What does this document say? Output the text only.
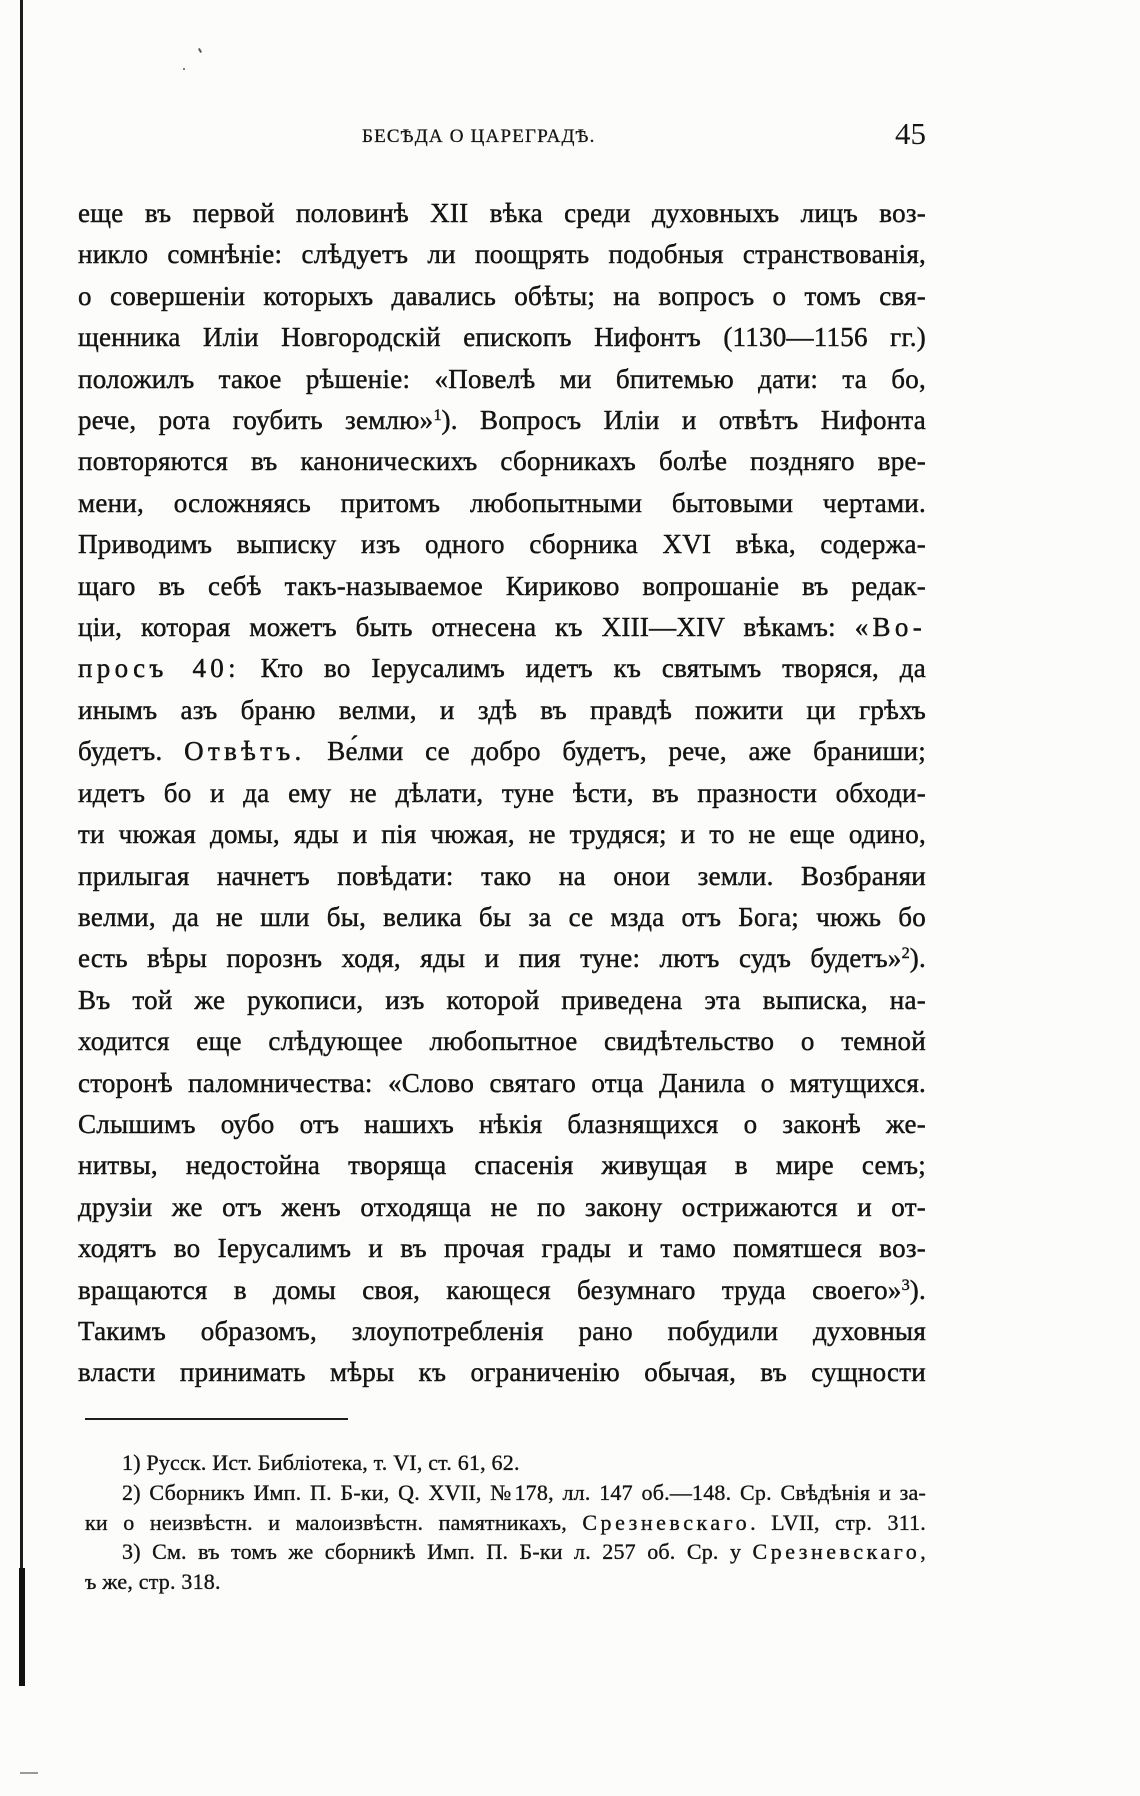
БЕСѢДА О ЦАРЕГРАДѢ.	45
еще въ первой половинѣ XII вѣка среди духовныхъ лицъ воз-
никло сомнѣніе: слѣдуетъ ли поощрять подобныя странствованія,
о совершеніи которыхъ давались обѣты; на вопросъ о томъ свя-
щенника Иліи Новгородскій епископъ Нифонтъ (1130—1156 гг.)
положилъ такое рѣшеніе: «Повелѣ ми бпитемью дати: та бо,
рече, рота гоубить землю»$^1$). Вопросъ Иліи и отвѣтъ Нифонта
повторяются въ каноническихъ сборникахъ болѣе поздняго вре-
мени, осложняясь притомъ любопытными бытовыми чертами.
Приводимъ выписку изъ одного сборника XVI вѣка, содержа-
щаго въ себѣ такъ-называемое Кириково вопрошаніе въ редак-
ціи, которая можетъ быть отнесена къ XIII—XIV вѣкамъ: «Во-
просъ 40: Кто во Іерусалимъ идетъ къ святымъ творяся, да
инымъ азъ браню велми, и здѣ въ правдѣ пожити ци грѣхъ
будетъ. Отвѣтъ. Ве́лми се добро будетъ, рече, аже браниши;
идетъ бо и да ему не дѣлати, туне ѣсти, въ празности обходи-
ти чюжая домы, яды и пія чюжая, не трудяся; и то не еще одино,
прилыгая начнетъ повѣдати: тако на онои земли. Возбраняи
велми, да не шли бы, велика бы за се мзда отъ Бога; чюжь бо
есть вѣры порознъ ходя, яды и пия туне: лютъ судъ будетъ»$^2$).
Въ той же рукописи, изъ которой приведена эта выписка, на-
ходится еще слѣдующее любопытное свидѣтельство о темной
сторонѣ паломничества: «Слово святаго отца Данила о мятущихся.
Слышимъ оубо отъ нашихъ нѣкія блазнящихся о законѣ же-
нитвы, недостойна творяща спасенія живущая в мире семъ;
друзіи же отъ женъ отходяща не по закону острижаются и от-
ходятъ во Іерусалимъ и въ прочая грады и тамо помятшеся воз-
вращаются в домы своя, кающеся безумнаго труда своего»$^3$).
Такимъ образомъ, злоупотребленія рано побудили духовныя
власти принимать мѣры къ ограниченію обычая, въ сущности
1) Русск. Ист. Библіотека, т. VI, ст. 61, 62.
2) Сборникъ Имп. П. Б-ки, Q. XVII, №178, лл. 147 об.—148. Ср. Свѣдѣнія и за-
ки о неизвѣстн. и малоизвѣстн. памятникахъ, Срезневскаго. LVII, стр. 311.
3) См. въ томъ же сборникѣ Имп. П. Б-ки л. 257 об. Ср. у Срезневскаго,
ъ же, стр. 318.
